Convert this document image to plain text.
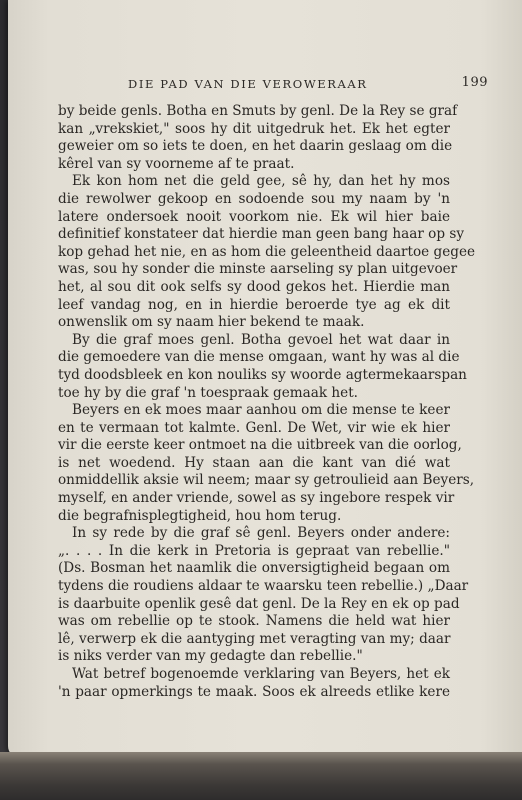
DIE PAD VAN DIE VEROWERAAR	199
by beide genls. Botha en Smuts by genl. De la Rey se graf
kan „vrekskiet," soos hy dit uitgedruk het. Ek het egter
geweier om so iets te doen, en het daarin geslaag om die
kêrel van sy voorneme af te praat.
Ek kon hom net die geld gee, sê hy, dan het hy mos
die rewolwer gekoop en sodoende sou my naam by 'n
latere ondersoek nooit voorkom nie. Ek wil hier baie
definitief konstateer dat hierdie man geen bang haar op sy
kop gehad het nie, en as hom die geleentheid daartoe gegee
was, sou hy sonder die minste aarseling sy plan uitgevoer
het, al sou dit ook selfs sy dood gekos het. Hierdie man
leef vandag nog, en in hierdie beroerde tye ag ek dit
onwenslik om sy naam hier bekend te maak.
By die graf moes genl. Botha gevoel het wat daar in
die gemoedere van die mense omgaan, want hy was al die
tyd doodsbleek en kon nouliks sy woorde agtermekaarspan
toe hy by die graf 'n toespraak gemaak het.
Beyers en ek moes maar aanhou om die mense te keer
en te vermaan tot kalmte. Genl. De Wet, vir wie ek hier
vir die eerste keer ontmoet na die uitbreek van die oorlog,
is net woedend. Hy staan aan die kant van dié wat
onmiddellik aksie wil neem; maar sy getroulieid aan Beyers,
myself, en ander vriende, sowel as sy ingebore respek vir
die begrafnisplegtigheid, hou hom terug.
In sy rede by die graf sê genl. Beyers onder andere:
„. . . . In die kerk in Pretoria is gepraat van rebellie."
(Ds. Bosman het naamlik die onversigtigheid begaan om
tydens die roudiens aldaar te waarsku teen rebellie.) „Daar
is daarbuite openlik gesê dat genl. De la Rey en ek op pad
was om rebellie op te stook. Namens die held wat hier
lê, verwerp ek die aantyging met veragting van my; daar
is niks verder van my gedagte dan rebellie."
Wat betref bogenoemde verklaring van Beyers, het ek
'n paar opmerkings te maak. Soos ek alreeds etlike kere
